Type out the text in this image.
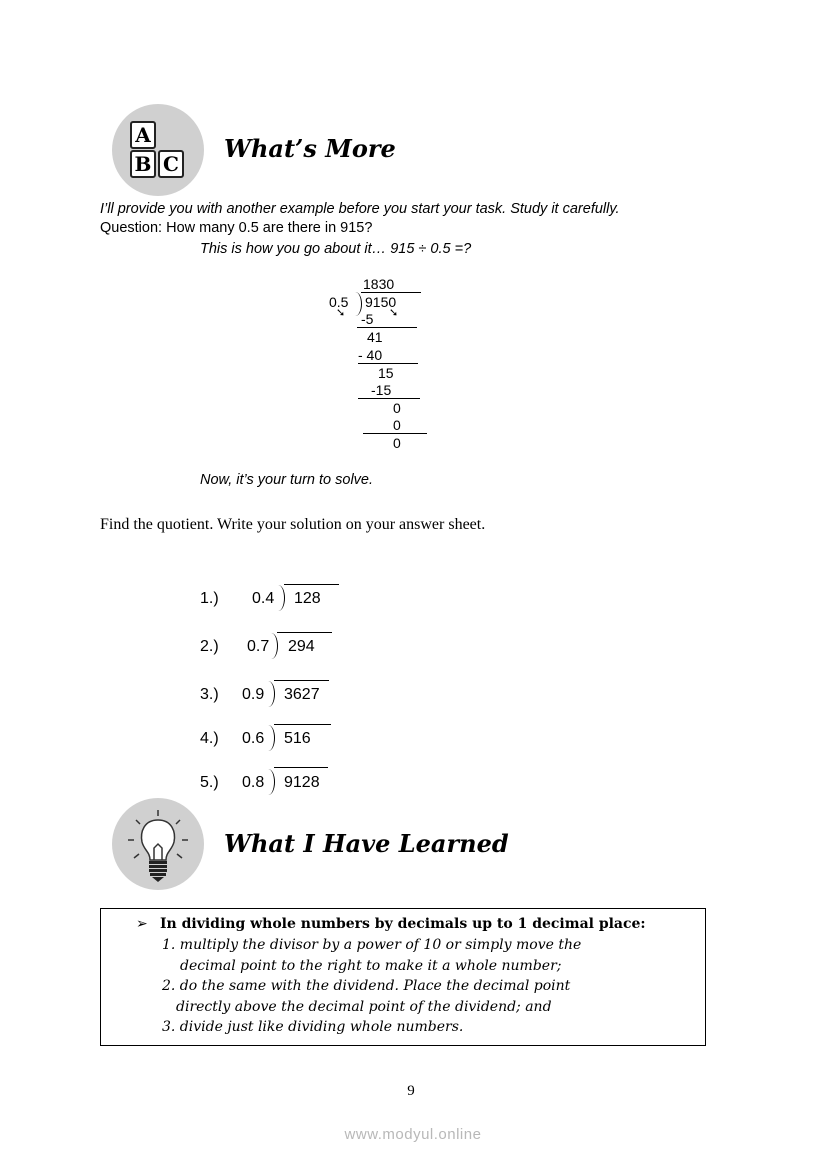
A
B C
What’s More
I’ll provide you with another example before you start your task. Study it carefully.
Question: How many 0.5 are there in 915?
This is how you go about it… 915 ÷ 0.5 =?
1830
0.5 9150
➘	➘
-5
41
- 40
15
-15
0
0
0
Now, it’s your turn to solve.
Find the quotient. Write your solution on your answer sheet.
1.) 0.4 128
2.) 0.7 294
3.) 0.9 3627
4.) 0.6 516
5.) 0.8 9128
What I Have Learned
➢ In dividing whole numbers by decimals up to 1 decimal place:
1. multiply the divisor by a power of 10 or simply move the
decimal point to the right to make it a whole number;
2. do the same with the dividend. Place the decimal point
directly above the decimal point of the dividend; and
3. divide just like dividing whole numbers.
9
www.modyul.online
